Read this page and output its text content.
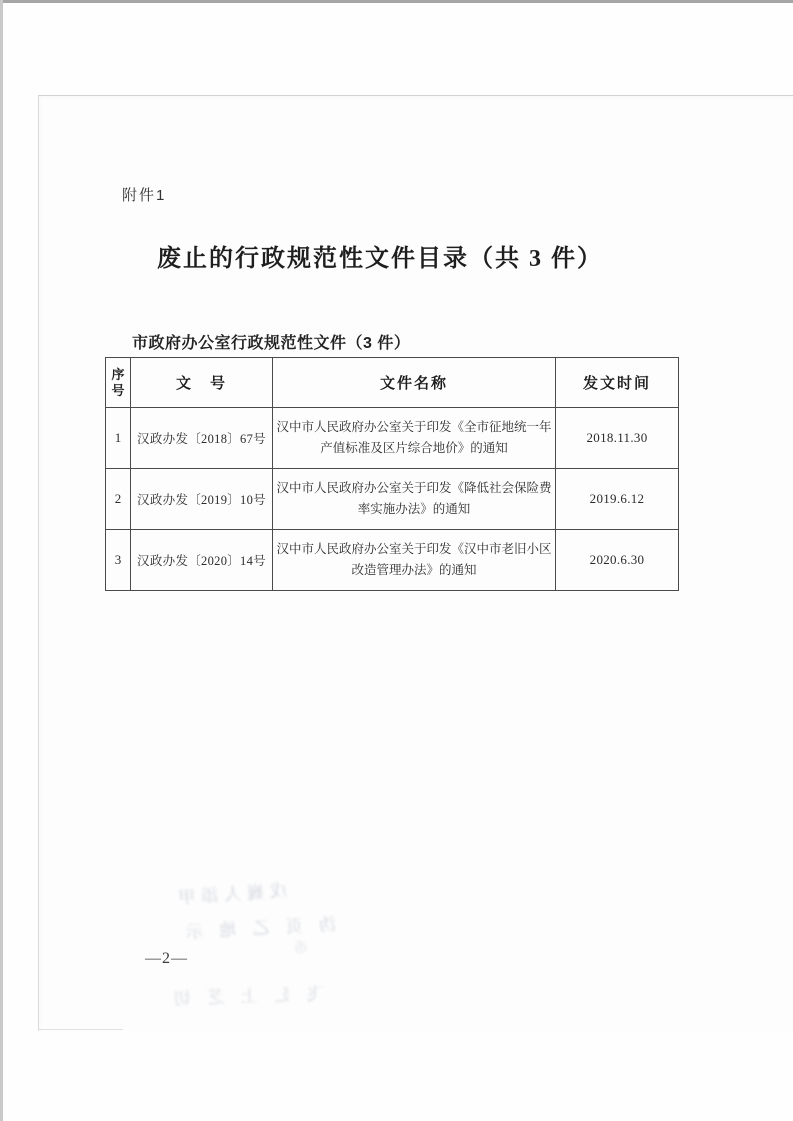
附件1
废止的行政规范性文件目录（共 3 件）
市政府办公室行政规范性文件（3 件）
序号	文　号	文件名称	发文时间
1	汉政办发〔2018〕67号	汉中市人民政府办公室关于印发《全市征地统一年产值标准及区片综合地价》的通知	2018.11.30
2	汉政办发〔2019〕10号	汉中市人民政府办公室关于印发《降低社会保险费率实施办法》的通知	2019.6.12
3	汉政办发〔2020〕14号	汉中市人民政府办公室关于印发《汉中市老旧小区改造管理办法》的通知	2020.6.30
—2—
戊巍人添甲
沩 页 乙 地 示
币
飞 廴 上 芝 切
